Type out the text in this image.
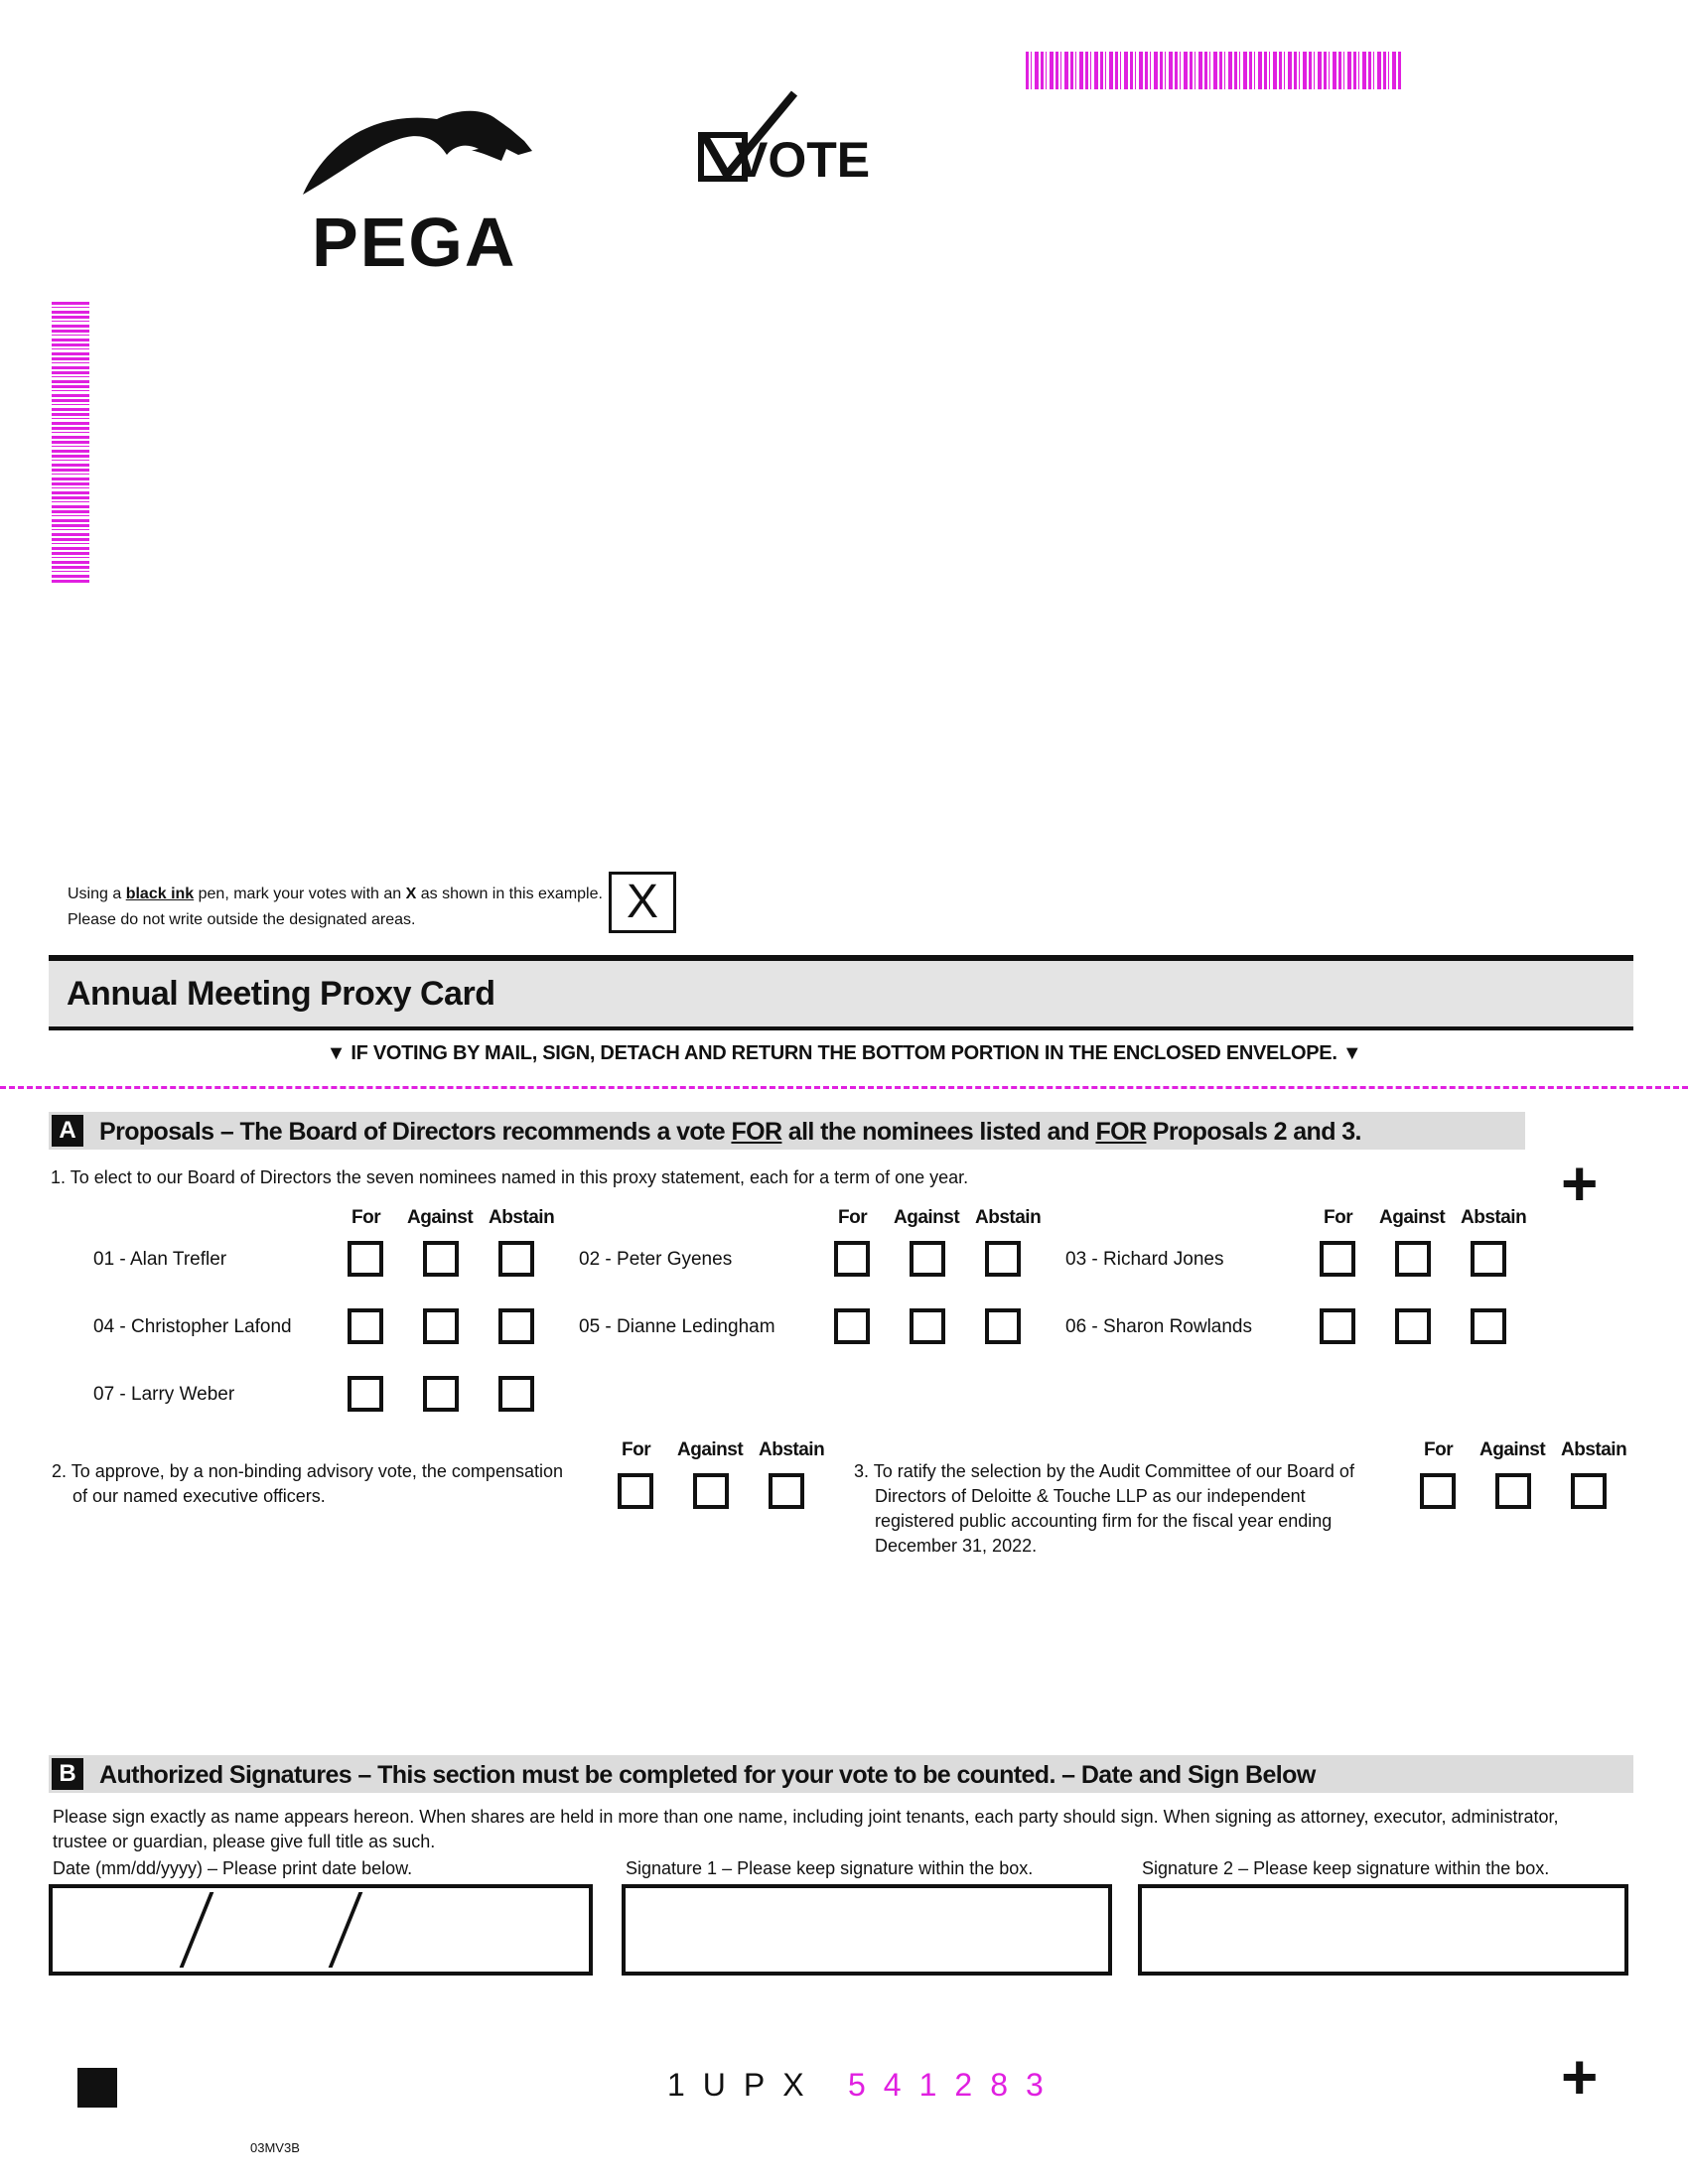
PEGA
VOTE
Using a black ink pen, mark your votes with an X as shown in this example.
Please do not write outside the designated areas.	X
Annual Meeting Proxy Card
▼ IF VOTING BY MAIL, SIGN, DETACH AND RETURN THE BOTTOM PORTION IN THE ENCLOSED ENVELOPE. ▼
A Proposals – The Board of Directors recommends a vote FOR all the nominees listed and FOR Proposals 2 and 3.
1. To elect to our Board of Directors the seven nominees named in this proxy statement, each for a term of one year.	+
For Against Abstain	For Against Abstain	For Against Abstain
01 - Alan Trefler	02 - Peter Gyenes	03 - Richard Jones
04 - Christopher Lafond	05 - Dianne Ledingham	06 - Sharon Rowlands
07 - Larry Weber
2. To approve, by a non-binding advisory vote, the compensation
of our named executive officers.
For Against Abstain
3. To ratify the selection by the Audit Committee of our Board of
Directors of Deloitte & Touche LLP as our independent
registered public accounting firm for the fiscal year ending
December 31, 2022.
For Against Abstain
B Authorized Signatures – This section must be completed for your vote to be counted. – Date and Sign Below
Please sign exactly as name appears hereon. When shares are held in more than one name, including joint tenants, each party should sign. When signing as attorney, executor, administrator,
trustee or guardian, please give full title as such.
Date (mm/dd/yyyy) – Please print date below.	Signature 1 – Please keep signature within the box.	Signature 2 – Please keep signature within the box.
1UPX 541283	+
03MV3B
